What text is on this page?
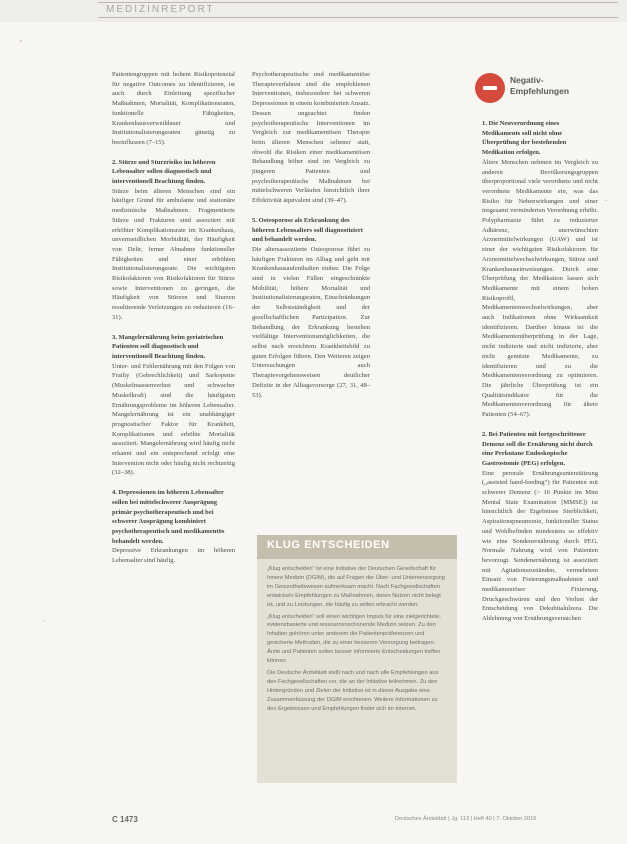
MEDIZINREPORT

Patientengruppen mit hohem Risikopotenzial für negative Outcomes zu identifizieren, ist auch durch Einleitung spezifischer Maßnahmen, Mortalität, Komplikationsraten, funktionelle Fähigkeiten, Krankenhausverweildauer und Institutionalisierungsraten günstig zu beeinflussen (7–15).

2. Stürze und Sturzrisiko im höheren Lebensalter sollen diagnostisch und interventionell Beachtung finden.

Stürze beim älteren Menschen sind ein häufiger Grund für ambulante und stationäre medizinische Maßnahmen. Fragmentierte Stürze und Frakturen sind assoziiert mit erhöhter Komplikationsrate im Krankenhaus, unvermeidlichen Morbidität, der Häufigkeit von Delir, ferner Abnahme funktioneller Fähigkeiten und einer erhöhten Institutionalisierungsrate. Die wichtigsten Risikofaktoren von Risikofaktoren für Stürze sowie Interventionen zu geringen, die Häufigkeit von Stürzen und Sturzen resultierende Verletzungen zu reduzieren (16–31).

3. Mangelernährung beim geriatrischen Patienten soll diagnostisch und interventionell Beachtung finden.

Unter- und Fehlernährung mit den Folgen von Frailty (Gebrechlichkeit) und Sarkopenie (Muskelmassenverlust und schwacher Muskelkraft) sind die häufigsten Ernährungsprobleme im höheren Lebensalter. Mangelernährung ist ein unabhängiger prognostischer Faktor für Krankheit, Komplikationen und erhöhte Mortalität assoziiert. Mangelernährung wird häufig nicht erkannt und ein entsprechend erfolgt eine Intervention nicht oder häufig nicht rechtzeitig (32–38).

4. Depressionen im höheren Lebensalter sollen bei mittelschwerer Ausprägung primär psychotherapeutisch und bei schwerer Ausprägung kombiniert psychotherapeutisch und medikamentös behandelt werden.

Depressive Erkrankungen im höheren Lebensalter sind häufig.

Psychotherapeutische und medikamentöse Therapieverfahren sind die empfohlenen Interventionen, insbesondere bei schweren Depressionen in einem kombinierten Ansatz. Dessen ungeachtet finden psychotherapeutische Interventionen im Vergleich zur medikamentösen Therapie beim älteren Menschen seltener statt, obwohl die Risiken einer medikamentösen Behandlung höher sind im Vergleich zu jüngeren Patienten und psychotherapeutische Maßnahmen bei mittelschweren Verläufen hinsichtlich ihrer Effektivität äquivalent sind (39–47).

5. Osteoporose als Erkrankung des höheren Lebensalters soll diagnostiziert und behandelt werden.

Die altersassoziierte Osteoporose führt zu häufigen Frakturen im Alltag und geht mit Krankenhausaufenthalten einher. Die Folge sind in vielen Fällen eingeschränkte Mobilität, höhere Mortalität und Institutionalisierungsraten, Einschränkungen der Selbstständigkeit und der gesellschaftlichen Partizipation. Zur Behandlung der Erkrankung bestehen vielfältige Interventionsmöglichkeiten, die selbst nach erreichtem Krankheitsbild zu guten Erfolgen führen. Den Weiteren zeigen Untersuchungen auch Therapievorgehensweisen deutlicher Defizite in der Alltagsvorsorge (27, 31, 48–53).

KLUG ENTSCHEIDEN

„Klug entscheiden“ ist eine Initiative der Deutschen Gesellschaft für Innere Medizin (DGIM), die auf Fragen der Über- und Unterversorgung im Gesundheitswesen aufmerksam macht. Nach Fachgesellschaften entwickeln Empfehlungen zu Maßnahmen, deren Nutzen nicht belegt ist, und zu Leistungen, die häufig zu selten erbracht werden.

„Klug entscheiden“ soll einen wichtigen Impuls für eine zielgerichtete, evidenzbasierte und ressourcenschonende Medizin setzen. Zu den Inhalten gehören unter anderem die Patientenpräferenzen und gesicherte Methoden, die zu einer besseren Versorgung beitragen. Ärzte und Patienten sollen besser informierte Entscheidungen treffen können.

Die Deutsche Ärzteblatt stellt nach und nach alle Empfehlungen aus den Fachgesellschaften vor, die an der Initiative teilnehmen. Zu den Hintergründen und Zielen der Initiative ist in dieser Ausgabe eine Zusammenfassung der DGIM erschienen. Weitere Informationen zu den Ergebnissen und Empfehlungen findet sich im Internet.

Negativ-Empfehlungen
1. Die Neuverordnung eines Medikaments soll nicht ohne Überprüfung der bestehenden Medikation erfolgen.

Ältere Menschen nehmen im Vergleich zu anderen Bevölkerungsgruppen überproportional viele verordnete und nicht verordnete Medikamente ein, was das Risiko für Nebenwirkungen und einer insgesamt verminderten Verordnung erhöht. Polypharmazie führt zu reduzierter Adhärenz, unerwünschten Arzneimittelwirkungen (UAW) und ist einer der wichtigsten Risikofaktoren für Arzneimittelwechselwirkungen, Stürze und Krankenhauseinweisungen. Durch eine Überprüfung der Medikation lassen sich Medikamente mit einem hohen Risikoprofil, Medikamentenwechselwirkungen, aber auch Indikationen ohne Wirksamkeit identifizieren. Darüber hinaus ist die Medikamentenüberprüfung in der Lage, nicht indizierte und nicht indizierte, aber nicht genutzte Medikamente, zu identifizieren und zu die Medikamentenverordnung zu optimieren. Die jährliche Überprüfung ist ein Qualitätsindikator für die Medikamentenverordnung für ältere Patienten (54–67).

2. Bei Patienten mit fortgeschrittener Demenz soll die Ernährung nicht durch eine Perkutane Endoskopische Gastrostomie (PEG) erfolgen.

Eine perorale Ernährungsunterstützung („assisted hand-feeding“) für Patienten mit schwerer Demenz (> 16 Punkte im Mini Mental State Examination [MMSE]) ist hinsichtlich der Ergebnisse Sterblichkeit, Aspirationspneumonie, funktioneller Status und Wohlbefinden mindestens so effektiv wie eine Sondenernährung durch PEG. Normale Nahrung wird von Patienten bevorzugt. Sondenernährung ist assoziiert mit Agitationszuständen, vermehrtem Einsatz von Fixierungsmaßnahmen und medikamentöser Fixierung, Druckgeschwüren und den Verlust der Entscheidung von Dekubitalulzera. Die Ablehnung von Ernährungsversuchen

C 1473	Deutsches Ärzteblatt | Jg. 113 | Heft 40 | 7. Oktober 2016
